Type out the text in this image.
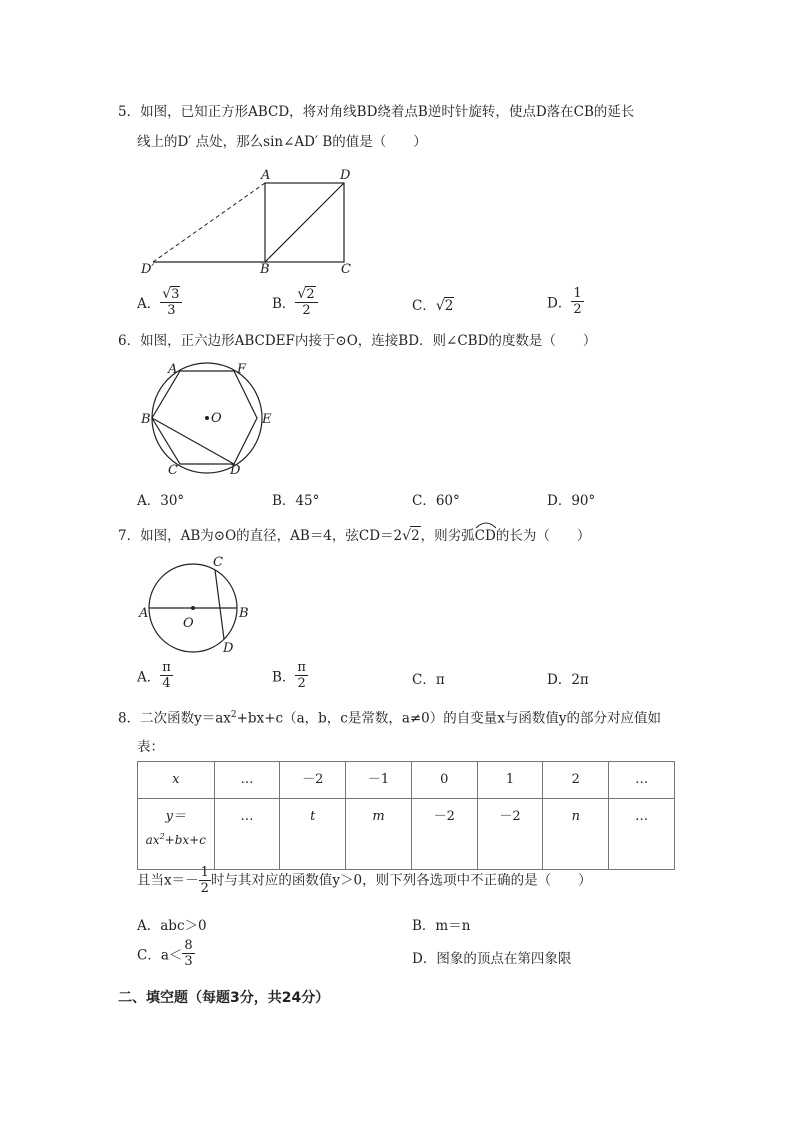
5．如图，已知正方形ABCD，将对角线BD绕着点B逆时针旋转，使点D落在CB的延长
线上的D′ 点处，那么sin∠AD′ B的值是（　　）
A	D
D′	B	C
A． $\frac{√3}{3}$	B． $\frac{√2}{2}$	C．√2	D． $\frac{1}{2}$
6．如图，正六边形ABCDEF内接于⊙O，连接BD．则∠CBD的度数是（　　）
A	F
B	O	E
C	D
A．30°	B．45°	C．60°	D．90°
7．如图，AB为⊙O的直径，AB＝4，弦CD＝2√2，则劣弧
CD的长为（　　）
A	B
C
D
O
A． $\frac{\pi}{4}$	B． $\frac{\pi}{2}$	C．π	D．2π
8．二次函数$y=ax^2+bx+c(a$，b，c是常数，a≠0）的自变量x与函数值y的部分对应值如
表：
x	…	－2	－1	0	1	2	…

y＝
$ax^2+bx+c$	…	t	m	－2	－2	n	…
且当$x=- \frac{1}{2}$ 时与其对应的函数值y＞0，则下列各选项中不正确的是（　　）
A．abc＞0	B．m＝n
C．$a< \frac{8}{3}$	D．图象的顶点在第四象限
二、填空题（每题3分，共24分）
